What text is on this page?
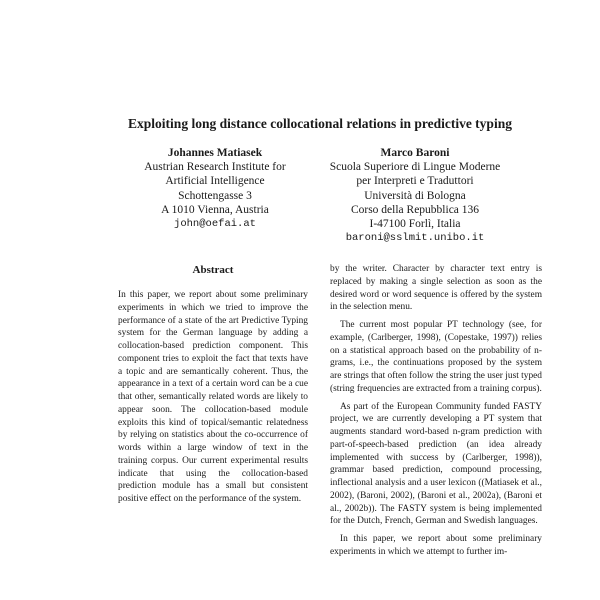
Exploiting long distance collocational relations in predictive typing
Johannes Matiasek
Austrian Research Institute for
Artificial Intelligence
Schottengasse 3
A 1010 Vienna, Austria
john@oefai.at
Marco Baroni
Scuola Superiore di Lingue Moderne
per Interpreti e Traduttori
Università di Bologna
Corso della Repubblica 136
I-47100 Forlì, Italia
baroni@sslmit.unibo.it
Abstract

In this paper, we report about some preliminary experiments in which we tried to improve the performance of a state of the art Predictive Typing system for the German language by adding a collocation-based prediction component. This component tries to exploit the fact that texts have a topic and are semantically coherent. Thus, the appearance in a text of a certain word can be a cue that other, semantically related words are likely to appear soon. The collocation-based module exploits this kind of topical/semantic relatedness by relying on statistics about the co-occurrence of words within a large window of text in the training corpus. Our current experimental results indicate that using the collocation-based prediction module has a small but consistent positive effect on the performance of the system.

by the writer. Character by character text entry is replaced by making a single selection as soon as the desired word or word sequence is offered by the system in the selection menu.

The current most popular PT technology (see, for example, (Carlberger, 1998), (Copestake, 1997)) relies on a statistical approach based on the probability of n-grams, i.e., the continuations proposed by the system are strings that often follow the string the user just typed (string frequencies are extracted from a training corpus).

As part of the European Community funded FASTY project, we are currently developing a PT system that augments standard word-based n-gram prediction with part-of-speech-based prediction (an idea already implemented with success by (Carlberger, 1998)), grammar based prediction, compound processing, inflectional analysis and a user lexicon ((Matiasek et al., 2002), (Baroni, 2002), (Baroni et al., 2002a), (Baroni et al., 2002b)). The FASTY system is being implemented for the Dutch, French, German and Swedish languages.

In this paper, we report about some preliminary experiments in which we attempt to further im-
